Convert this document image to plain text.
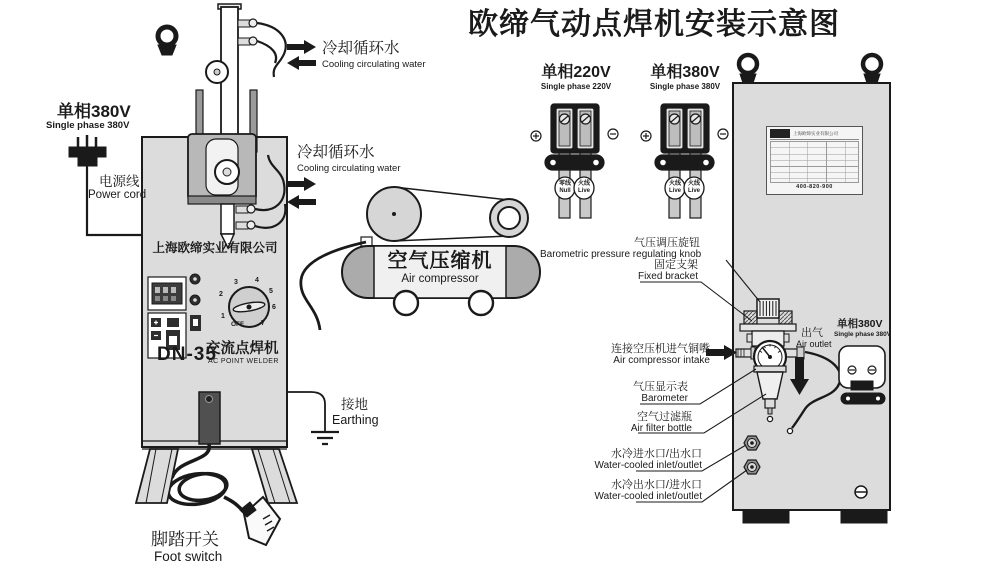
欧缔气动点焊机安装示意图
单相380V
Single phase 380V
电源线
Power cord
冷却循环水
Cooling circulating water
冷却循环水
Cooling circulating water
上海欧缔实业有限公司
DN-35
交流点焊机
AC POINT WELDER
1
2
3 4
5
6
7
OFF
接地
Earthing
脚踏开关
Foot switch
空气压缩机
Air compressor
单相220V
Single phase 220V
单相380V
Single phase 380V
零线
Null
火线
Live
火线
Live
火线
Live
气压调压旋钮
Barometric pressure regulating knob
固定支架
Fixed bracket
连接空压机进气铜嘴
Air compressor intake
气压显示表
Barometer
空气过滤瓶
Air filter bottle
水冷进水口/出水口
Water-cooled inlet/outlet
水冷出水口/进水口
Water-cooled inlet/outlet
出气
Air outlet
单相380V
Single phase 380V
上海欧缔实业有限公司
400-820-900
